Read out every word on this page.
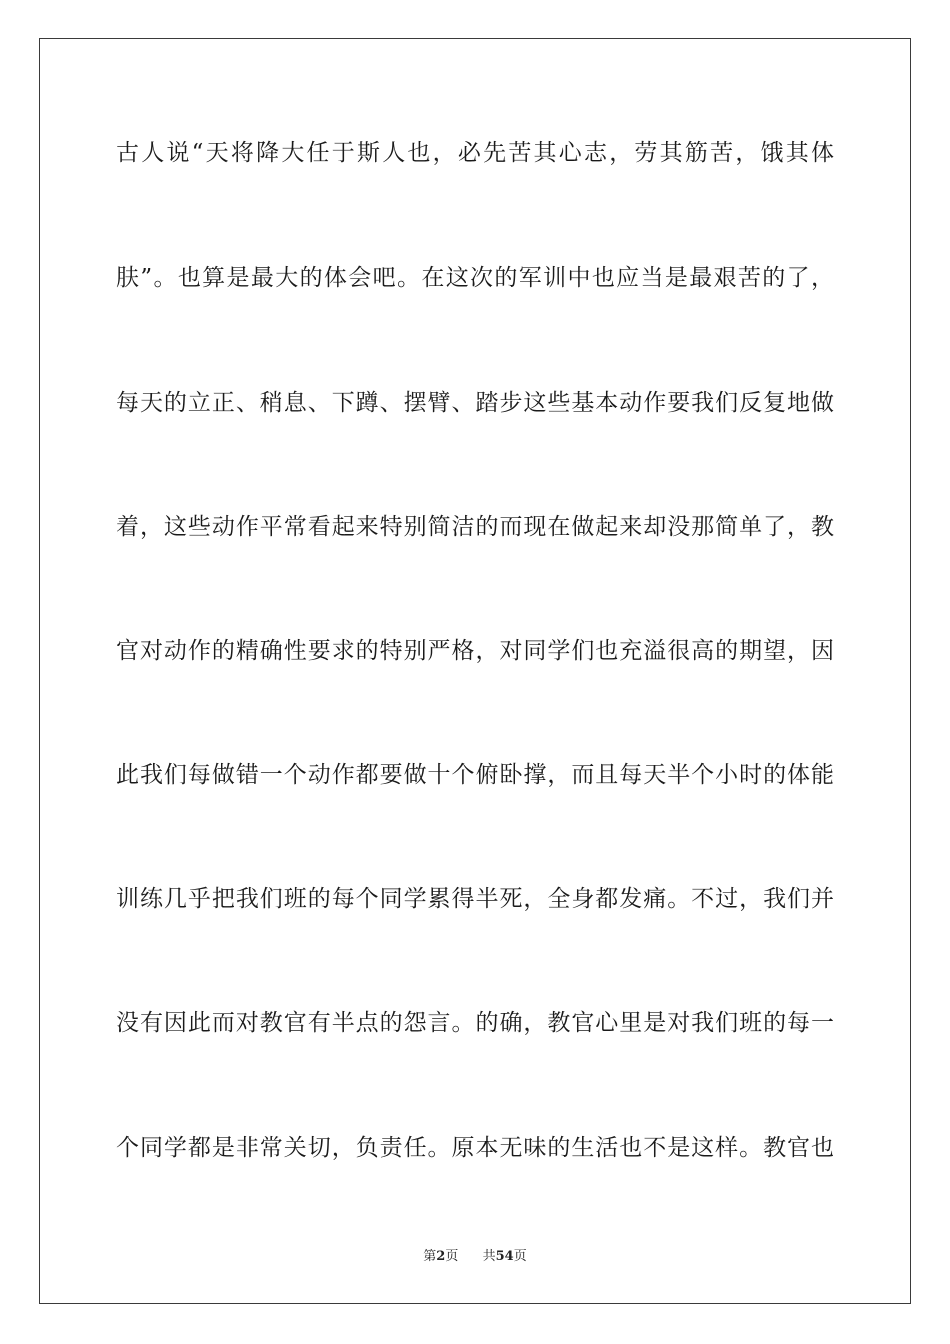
古人说“天将降大任于斯人也，必先苦其心志，劳其筋苦，饿其体
肤”。也算是最大的体会吧。在这次的军训中也应当是最艰苦的了，
每天的立正、稍息、下蹲、摆臂、踏步这些基本动作要我们反复地做
着，这些动作平常看起来特别简洁的而现在做起来却没那简单了，教
官对动作的精确性要求的特别严格，对同学们也充溢很高的期望，因
此我们每做错一个动作都要做十个俯卧撑，而且每天半个小时的体能
训练几乎把我们班的每个同学累得半死，全身都发痛。不过，我们并
没有因此而对教官有半点的怨言。的确，教官心里是对我们班的每一
个同学都是非常关切，负责任。原本无味的生活也不是这样。教官也
第2页 共54页
